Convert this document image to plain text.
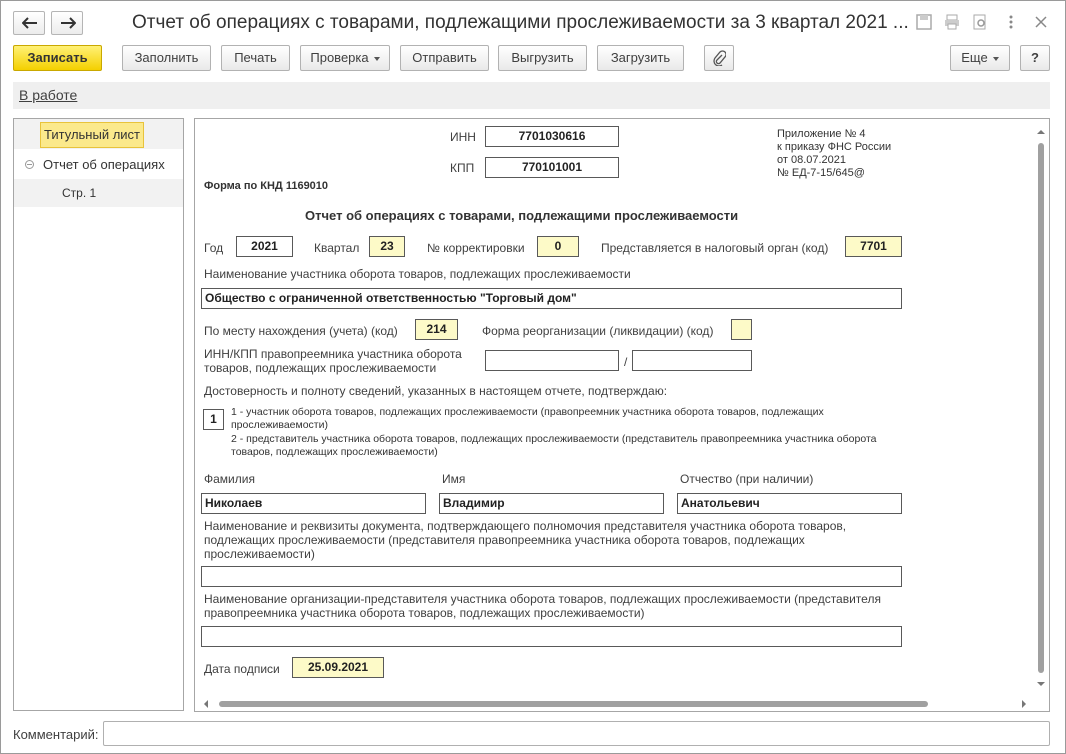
Отчет об операциях с товарами, подлежащими прослеживаемости за 3 квартал 2021 ...
Записать	Заполнить	Печать	Проверка	Отправить	Выгрузить	Загрузить	Еще	?
В работе
Титульный лист
Отчет об операциях
Стр. 1
ИНН	7701030616
КПП	770101001
Приложение № 4
к приказу ФНС России
от 08.07.2021
№ ЕД-7-15/645@
Форма по КНД 1169010
Отчет об операциях с товарами, подлежащими прослеживаемости
Год	2021	Квартал	23	№ корректировки	0	Представляется в налоговый орган (код)	7701
Наименование участника оборота товаров, подлежащих прослеживаемости
Общество с ограниченной ответственностью "Торговый дом"
По месту нахождения (учета) (код)	214	Форма реорганизации (ликвидации) (код)
ИНН/КПП правопреемника участника оборота
товаров, подлежащих прослеживаемости	/
Достоверность и полноту сведений, указанных в настоящем отчете, подтверждаю:
1	1 - участник оборота товаров, подлежащих прослеживаемости (правопреемник участника оборота товаров, подлежащих прослеживаемости)
2 - представитель участника оборота товаров, подлежащих прослеживаемости (представитель правопреемника участника оборота товаров, подлежащих прослеживаемости)
Фамилия	Имя	Отчество (при наличии)
Николаев	Владимир	Анатольевич
Наименование и реквизиты документа, подтверждающего полномочия представителя участника оборота товаров, подлежащих прослеживаемости (представителя правопреемника участника оборота товаров, подлежащих прослеживаемости)
Наименование организации-представителя участника оборота товаров, подлежащих прослеживаемости (представителя правопреемника участника оборота товаров, подлежащих прослеживаемости)
Дата подписи	25.09.2021
Комментарий:
